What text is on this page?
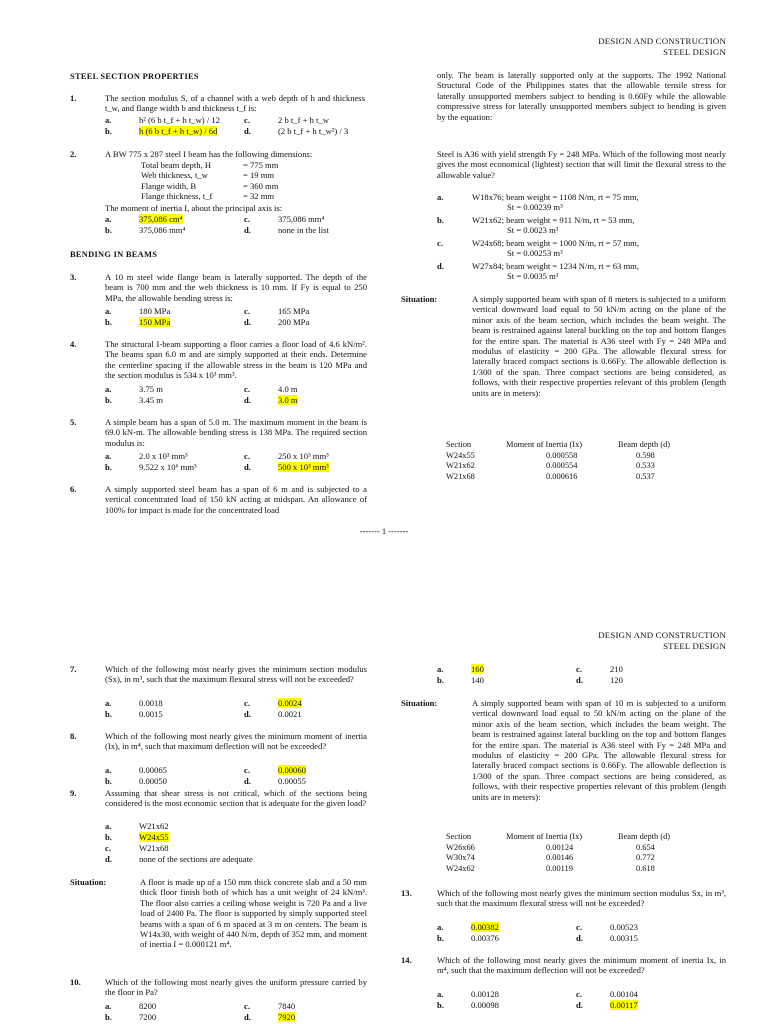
DESIGN AND CONSTRUCTION
STEEL DESIGN
STEEL SECTION PROPERTIES
1.	The section modulus S, of a channel with a web depth of h and thickness t_w, and flange width b and thickness t_f is:
a.	h² (6 b t_f + h t_w) / 12
b.	h (6 b t_f + h t_w) / 6d
c.	2 b t_f + h t_w
d.	(2 b t_f + h t_w²) / 3
2.	A BW 775 x 287 steel I beam has the following dimensions:
Total beam depth, H	= 775 mm
Web thickness, t_w	= 19 mm
Flange width, B	= 360 mm
Flange thickness, t_f	= 32 mm
The moment of inertia I, about the principal axis is:
a.	375,086 cm⁴
b.	375,086 mm⁴
c.	375,086 mm⁴
d.	none in the list
BENDING IN BEAMS
3.	A 10 m steel wide flange beam is laterally supported. The depth of the beam is 700 mm and the web thickness is 10 mm. If Fy is equal to 250 MPa, the allowable bending stress is:
a.	180 MPa
b.	150 MPa
c.	165 MPa
d.	200 MPa
4.	The structural I-beam supporting a floor carries a floor load of 4.6 kN/m². The beams span 6.0 m and are simply supported at their ends. Determine the centerline spacing if the allowable stress in the beam is 120 MPa and the section modulus is 534 x 10³ mm³.
a.	3.75 m
b.	3.45 m
c.	4.0 m
d.	3.0 m
5.	A simple beam has a span of 5.0 m. The maximum moment in the beam is 69.0 kN-m. The allowable bending stress is 138 MPa. The required section modulus is:
a.	2.0 x 10³ mm³
b.	9.522 x 10⁶ mm³
c.	250 x 10³ mm³
d.	500 x 10³ mm³
6.	A simply supported steel beam has a span of 6 m and is subjected to a vertical concentrated load of 150 kN acting at midspan. An allowance of 100% for impact is made for the concentrated load
only. The beam is laterally supported only at the supports. The 1992 National Structural Code of the Philippines states that the allowable tensile stress for laterally unsupported members subject to bending is 0.60Fy while the allowable compressive stress for laterally unsupported members subject to bending is given by the equation:
Steel is A36 with yield strength Fy = 248 MPa. Which of the following most nearly gives the most economical (lightest) section that will limit the flexural stress to the allowable value?
a.	W18x76; beam weight = 1108 N/m, rt = 75 mm,
St = 0.00239 m³
b.	W21x62; beam weight = 911 N/m, rt = 53 mm,
St = 0.0023 m³
c.	W24x68; beam weight = 1000 N/m, rt = 57 mm,
St = 0.00253 m³
d.	W27x84; beam weight = 1234 N/m, rt = 63 mm,
St = 0.0035 m³
Situation:	A simply supported beam with span of 8 meters is subjected to a uniform vertical downward load equal to 50 kN/m acting on the plane of the minor axis of the beam section, which includes the beam weight. The beam is restrained against lateral buckling on the top and bottom flanges for the entire span. The material is A36 steel with Fy = 248 MPa and modulus of elasticity = 200 GPa. The allowable flexural stress for laterally braced compact sections is 0.66Fy. The allowable deflection is 1/300 of the span. Three compact sections are being considered, as follows, with their respective properties relevant of this problem (length units are in meters):
Section	Moment of Inertia (Ix)	Beam depth (d)
W24x55	0.000558	0.598
W21x62	0.000554	0.533
W21x68	0.000616	0.537
------- 1 -------
DESIGN AND CONSTRUCTION
STEEL DESIGN
7.	Which of the following most nearly gives the minimum section modulus (Sx), in m³, such that the maximum flexural stress will not be exceeded?
a.	0.0018
b.	0.0015
c.	0.0024
d.	0.0021
8.	Which of the following most nearly gives the minimum moment of inertia (Ix), in m⁴, such that maximum deflection will not be exceeded?
a.	0.00065
b.	0.00050
c.	0.00060
d.	0.00055
9.	Assuming that shear stress is not critical, which of the sections being considered is the most economic section that is adequate for the given load?
a.	W21x62
b.	W24x55
c.	W21x68
d.	none of the sections are adequate
Situation:	A floor is made up of a 150 mm thick concrete slab and a 50 mm thick floor finish both of which has a unit weight of 24 kN/m³. The floor also carries a ceiling whose weight is 720 Pa and a live load of 2400 Pa. The floor is supported by simply supported steel beams with a span of 6 m spaced at 3 m on centers. The beam is W14x30, with weight of 440 N/m, depth of 352 mm, and moment of inertia I = 0.000121 m⁴.
10.	Which of the following most nearly gives the uniform pressure carried by the floor in Pa?
a.	8200
b.	7200
c.	7840
d.	7920
a.	160
b.	140
c.	210
d.	120
Situation:	A simply supported beam with span of 10 m is subjected to a uniform vertical downward load equal to 50 kN/m acting on the plane of the minor axis of the beam section, which includes the beam weight. The beam is restrained against lateral buckling on the top and bottom flanges for the entire span. The material is A36 steel with Fy = 248 MPa and modulus of elasticity = 200 GPa. The allowable flexural stress for laterally braced compact sections is 0.66Fy. The allowable deflection is 1/300 of the span. Three compact sections are being considered, as follows, with their respective properties relevant of this problem (length units are in meters):
Section	Moment of Inertia (Ix)	Beam depth (d)
W26x66	0.00124	0.654
W30x74	0.00146	0.772
W24x62	0.00119	0.618
13.	Which of the following most nearly gives the minimum section modulus Sx, in m³, such that the maximum flexural stress will not be exceeded?
a.	0.00382
b.	0.00376
c.	0.00523
d.	0.00315
14.	Which of the following most nearly gives the minimum moment of inertia Ix, in m⁴, such that the maximum deflection will not be exceeded?
a.	0.00128
b.	0.00098
c.	0.00104
d.	0.00117
